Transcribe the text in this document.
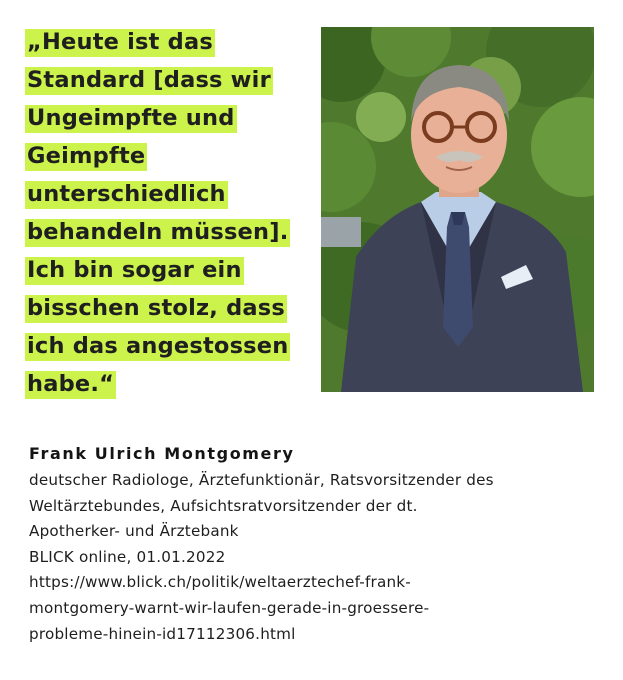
„Heute ist das
Standard [dass wir
Ungeimpfte und
Geimpfte
unterschiedlich
behandeln müssen].
Ich bin sogar ein
bisschen stolz, dass
ich das angestossen
habe.“
Frank Ulrich Montgomery
deutscher Radiologe, Ärztefunktionär, Ratsvorsitzender des
Weltärztebundes, Aufsichtsratvorsitzender der dt.
Apotherker- und Ärztebank
BLICK online, 01.01.2022
https://www.blick.ch/politik/weltaerztechef-frank-
montgomery-warnt-wir-laufen-gerade-in-groessere-
probleme-hinein-id17112306.html
